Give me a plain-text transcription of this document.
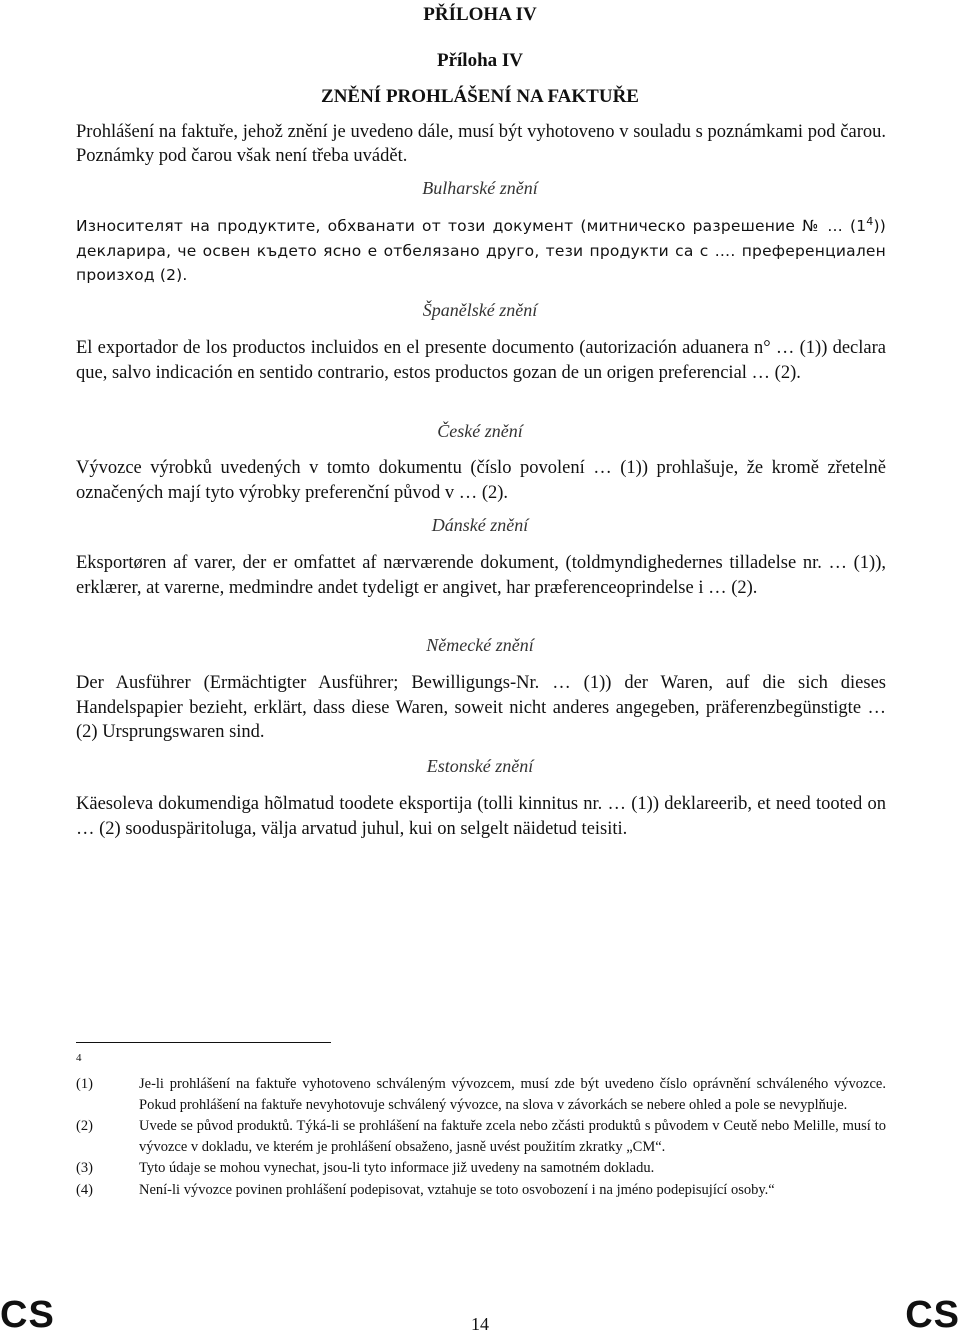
PŘÍLOHA IV
Příloha IV
ZNĚNÍ PROHLÁŠENÍ NA FAKTUŘE
Prohlášení na faktuře, jehož znění je uvedeno dále, musí být vyhotoveno v souladu s poznámkami pod čarou. Poznámky pod čarou však není třeba uvádět.
Bulharské znění
Износителят на продуктите, обхванати от този документ (митническо разрешение № … $(1^4)$) декларира, че освен където ясно е отбелязано друго, тези продукти са с …. преференциален произход (2).
Španělské znění
El exportador de los productos incluidos en el presente documento (autorización aduanera n° … (1)) declara que, salvo indicación en sentido contrario, estos productos gozan de un origen preferencial … (2).
České znění
Vývozce výrobků uvedených v tomto dokumentu (číslo povolení … (1)) prohlašuje, že kromě zřetelně označených mají tyto výrobky preferenční původ v … (2).
Dánské znění
Eksportøren af varer, der er omfattet af nærværende dokument, (toldmyndighedernes tilladelse nr. … (1)), erklærer, at varerne, medmindre andet tydeligt er angivet, har præferenceoprindelse i … (2).
Německé znění
Der Ausführer (Ermächtigter Ausführer; Bewilligungs-Nr. … (1)) der Waren, auf die sich dieses Handelspapier bezieht, erklärt, dass diese Waren, soweit nicht anderes angegeben, präferenzbegünstigte … (2) Ursprungswaren sind.
Estonské znění
Käesoleva dokumendiga hõlmatud toodete eksportija (tolli kinnitus nr. … (1)) deklareerib, et need tooted on … (2) sooduspäritoluga, välja arvatud juhul, kui on selgelt näidetud teisiti.
4
(1)	Je-li prohlášení na faktuře vyhotoveno schváleným vývozcem, musí zde být uvedeno číslo oprávnění schváleného vývozce. Pokud prohlášení na faktuře nevyhotovuje schválený vývozce, na slova v závorkách se nebere ohled a pole se nevyplňuje.
(2)	Uvede se původ produktů. Týká-li se prohlášení na faktuře zcela nebo zčásti produktů s původem v Ceutě nebo Melille, musí to vývozce v dokladu, ve kterém je prohlášení obsaženo, jasně uvést použitím zkratky „CM“.
(3)	Tyto údaje se mohou vynechat, jsou-li tyto informace již uvedeny na samotném dokladu.
(4)	Není-li vývozce povinen prohlášení podepisovat, vztahuje se toto osvobození i na jméno podepisující osoby.“
CS	14	CS
